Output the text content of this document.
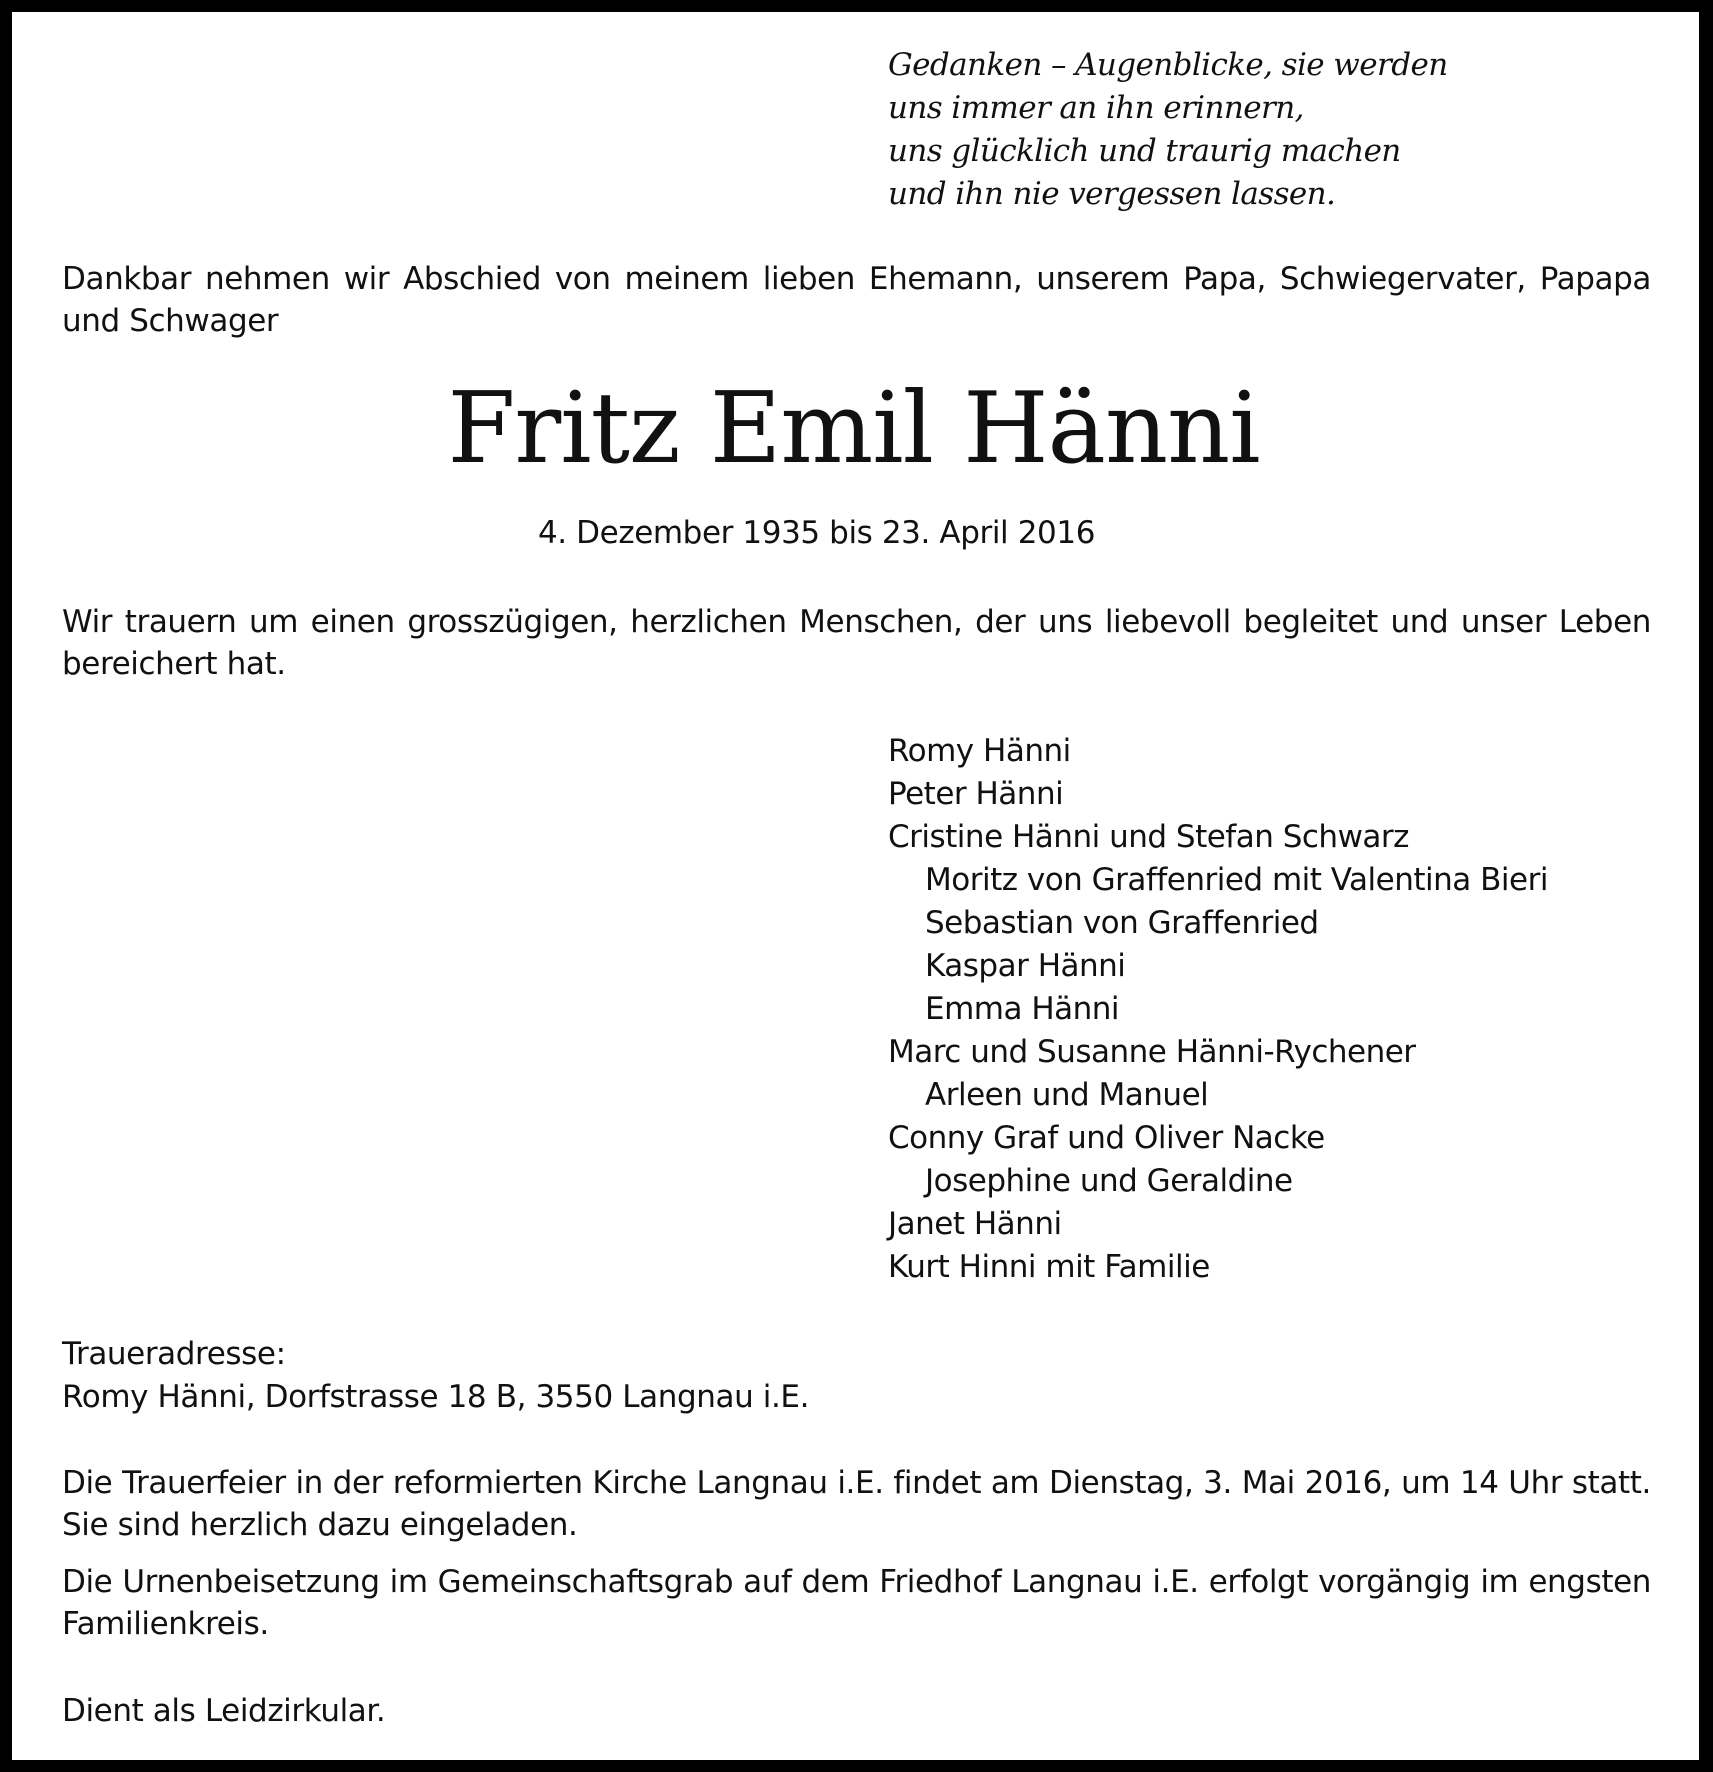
Gedanken – Augenblicke, sie werden
uns immer an ihn erinnern,
uns glücklich und traurig machen
und ihn nie vergessen lassen.
Dankbar nehmen wir Abschied von meinem lieben Ehemann, unserem Papa, Schwiegervater, Papapa und Schwager
Fritz Emil Hänni
4. Dezember 1935 bis 23. April 2016
Wir trauern um einen grosszügigen, herzlichen Menschen, der uns liebevoll begleitet und unser Leben bereichert hat.
Romy Hänni
Peter Hänni
Cristine Hänni und Stefan Schwarz
Moritz von Graffenried mit Valentina Bieri
Sebastian von Graffenried
Kaspar Hänni
Emma Hänni
Marc und Susanne Hänni-Rychener
Arleen und Manuel
Conny Graf und Oliver Nacke
Josephine und Geraldine
Janet Hänni
Kurt Hinni mit Familie
Traueradresse:
Romy Hänni, Dorfstrasse 18 B, 3550 Langnau i.E.
Die Trauerfeier in der reformierten Kirche Langnau i.E. findet am Dienstag, 3. Mai 2016, um 14 Uhr statt. Sie sind herzlich dazu eingeladen.
Die Urnenbeisetzung im Gemeinschaftsgrab auf dem Friedhof Langnau i.E. erfolgt vorgängig im engsten Familienkreis.
Dient als Leidzirkular.
